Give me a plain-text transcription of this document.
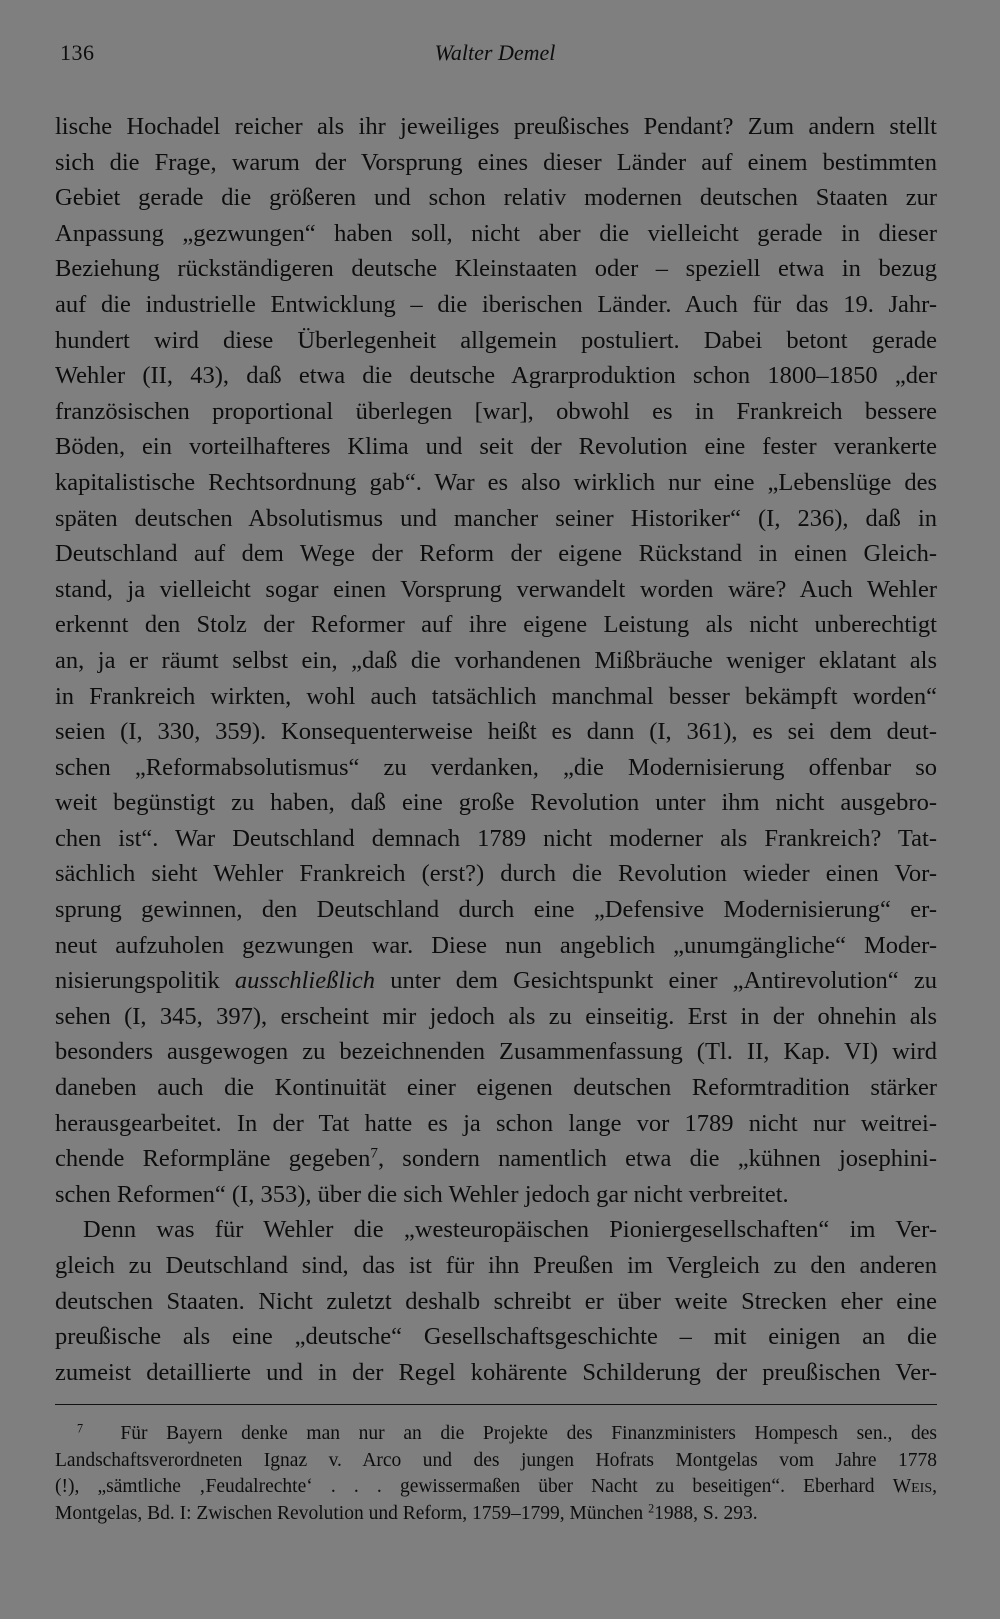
136	Walter Demel
lische Hochadel reicher als ihr jeweiliges preußisches Pendant? Zum andern stellt
sich die Frage, warum der Vorsprung eines dieser Länder auf einem bestimmten
Gebiet gerade die größeren und schon relativ modernen deutschen Staaten zur
Anpassung „gezwungen“ haben soll, nicht aber die vielleicht gerade in dieser
Beziehung rückständigeren deutsche Kleinstaaten oder – speziell etwa in bezug
auf die industrielle Entwicklung – die iberischen Länder. Auch für das 19. Jahr-
hundert wird diese Überlegenheit allgemein postuliert. Dabei betont gerade
Wehler (II, 43), daß etwa die deutsche Agrarproduktion schon 1800–1850 „der
französischen proportional überlegen [war], obwohl es in Frankreich bessere
Böden, ein vorteilhafteres Klima und seit der Revolution eine fester verankerte
kapitalistische Rechtsordnung gab“. War es also wirklich nur eine „Lebenslüge des
späten deutschen Absolutismus und mancher seiner Historiker“ (I, 236), daß in
Deutschland auf dem Wege der Reform der eigene Rückstand in einen Gleich-
stand, ja vielleicht sogar einen Vorsprung verwandelt worden wäre? Auch Wehler
erkennt den Stolz der Reformer auf ihre eigene Leistung als nicht unberechtigt
an, ja er räumt selbst ein, „daß die vorhandenen Mißbräuche weniger eklatant als
in Frankreich wirkten, wohl auch tatsächlich manchmal besser bekämpft worden“
seien (I, 330, 359). Konsequenterweise heißt es dann (I, 361), es sei dem deut-
schen „Reformabsolutismus“ zu verdanken, „die Modernisierung offenbar so
weit begünstigt zu haben, daß eine große Revolution unter ihm nicht ausgebro-
chen ist“. War Deutschland demnach 1789 nicht moderner als Frankreich? Tat-
sächlich sieht Wehler Frankreich (erst?) durch die Revolution wieder einen Vor-
sprung gewinnen, den Deutschland durch eine „Defensive Modernisierung“ er-
neut aufzuholen gezwungen war. Diese nun angeblich „unumgängliche“ Moder-
nisierungspolitik ausschließlich unter dem Gesichtspunkt einer „Antirevolution“ zu
sehen (I, 345, 397), erscheint mir jedoch als zu einseitig. Erst in der ohnehin als
besonders ausgewogen zu bezeichnenden Zusammenfassung (Tl. II, Kap. VI) wird
daneben auch die Kontinuität einer eigenen deutschen Reformtradition stärker
herausgearbeitet. In der Tat hatte es ja schon lange vor 1789 nicht nur weitrei-
chende Reformpläne gegeben$^7$, sondern namentlich etwa die „kühnen josephini-
schen Reformen“ (I, 353), über die sich Wehler jedoch gar nicht verbreitet.
Denn was für Wehler die „westeuropäischen Pioniergesellschaften“ im Ver-
gleich zu Deutschland sind, das ist für ihn Preußen im Vergleich zu den anderen
deutschen Staaten. Nicht zuletzt deshalb schreibt er über weite Strecken eher eine
preußische als eine „deutsche“ Gesellschaftsgeschichte – mit einigen an die
zumeist detaillierte und in der Regel kohärente Schilderung der preußischen Ver-
$^7$ Für Bayern denke man nur an die Projekte des Finanzministers Hompesch sen., des
Landschaftsverordneten Ignaz v. Arco und des jungen Hofrats Montgelas vom Jahre 1778
(!), „sämtliche ‚Feudalrechte‘ . . . gewissermaßen über Nacht zu beseitigen“. Eberhard Weis,
Montgelas, Bd. I: Zwischen Revolution und Reform, 1759–1799, München $^2$1988, S. 293.
